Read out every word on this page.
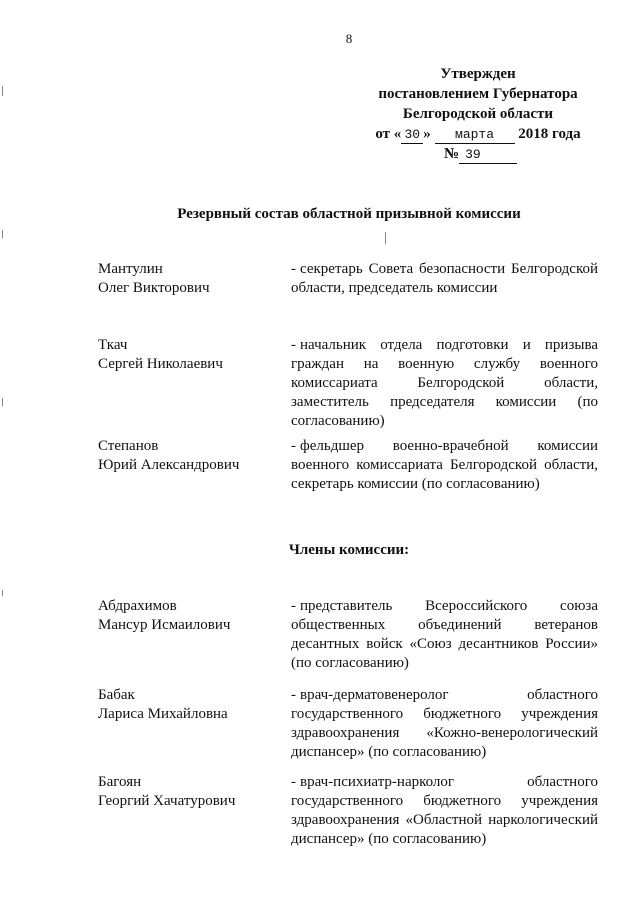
8
Утвержден
постановлением Губернатора
Белгородской области
от « 30 » марта 2018 года
№ 39
Резервный состав областной призывной комиссии
Мантулин
Олег Викторович
- секретарь Совета безопасности Белгородской области, председатель комиссии
Ткач
Сергей Николаевич
- начальник отдела подготовки и призыва граждан на военную службу военного комиссариата Белгородской области, заместитель председателя комиссии (по согласованию)
Степанов
Юрий Александрович
- фельдшер военно-врачебной комиссии военного комиссариата Белгородской области, секретарь комиссии (по согласованию)
Члены комиссии:
Абдрахимов
Мансур Исмаилович
- представитель Всероссийского союза общественных объединений ветеранов десантных войск «Союз десантников России» (по согласованию)
Бабак
Лариса Михайловна
- врач-дерматовенеролог областного государственного бюджетного учреждения здравоохранения «Кожно-венерологический диспансер» (по согласованию)
Багоян
Георгий Хачатурович
- врач-психиатр-нарколог областного государственного бюджетного учреждения здравоохранения «Областной наркологический диспансер» (по согласованию)
